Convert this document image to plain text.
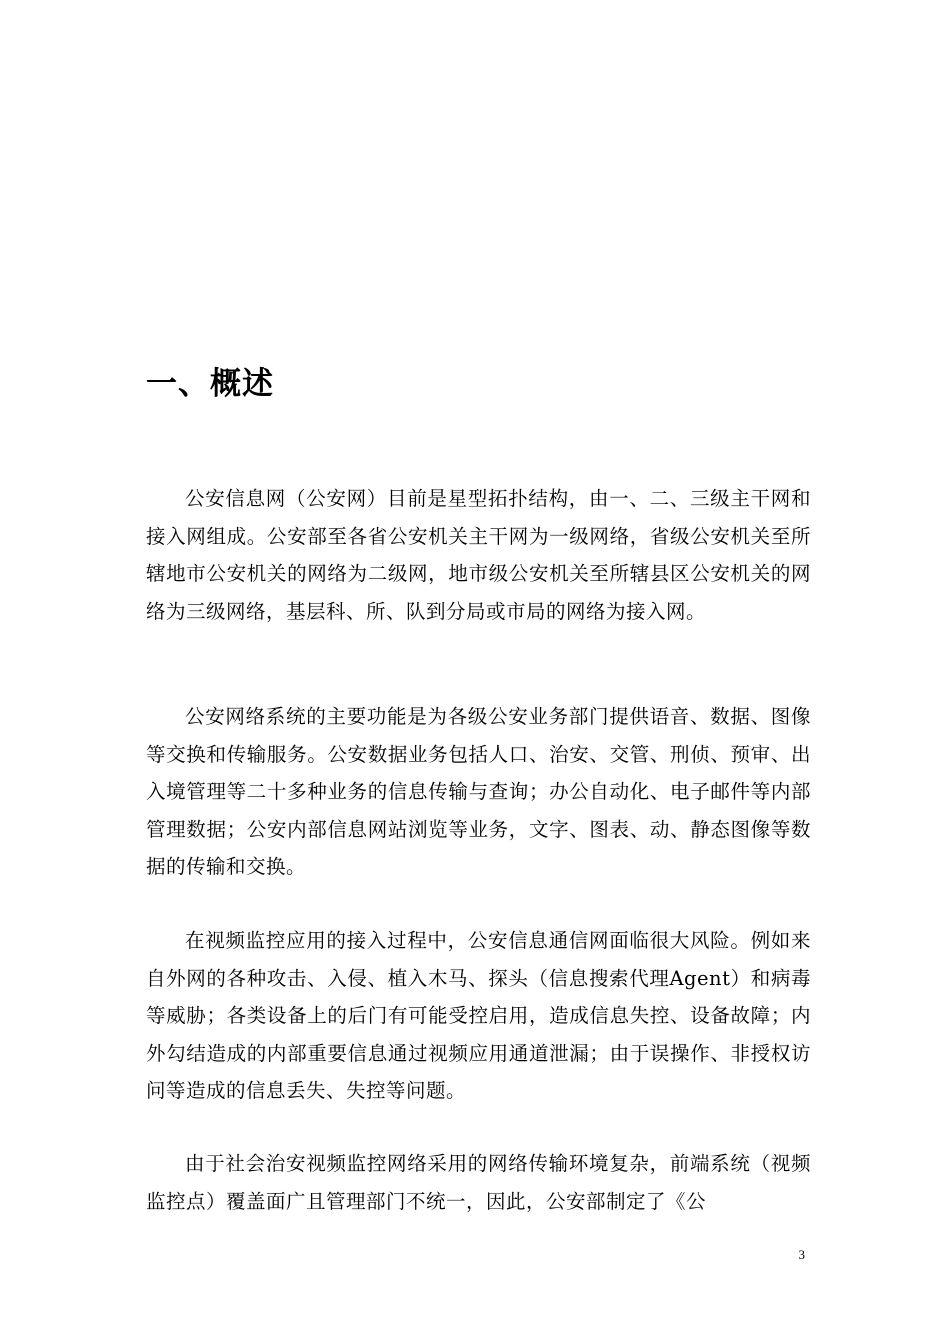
一、概述

公安信息网（公安网）目前是星型拓扑结构，由一、二、三级主干网和接入网组成。公安部至各省公安机关主干网为一级网络，省级公安机关至所辖地市公安机关的网络为二级网，地市级公安机关至所辖县区公安机关的网络为三级网络，基层科、所、队到分局或市局的网络为接入网。

公安网络系统的主要功能是为各级公安业务部门提供语音、数据、图像等交换和传输服务。公安数据业务包括人口、治安、交管、刑侦、预审、出入境管理等二十多种业务的信息传输与查询；办公自动化、电子邮件等内部管理数据；公安内部信息网站浏览等业务，文字、图表、动、静态图像等数据的传输和交换。

在视频监控应用的接入过程中，公安信息通信网面临很大风险。例如来自外网的各种攻击、入侵、植入木马、探头（信息搜索代理Agent）和病毒等威胁；各类设备上的后门有可能受控启用，造成信息失控、设备故障；内外勾结造成的内部重要信息通过视频应用通道泄漏；由于误操作、非授权访问等造成的信息丢失、失控等问题。

由于社会治安视频监控网络采用的网络传输环境复杂，前端系统（视频监控点）覆盖面广且管理部门不统一，因此，公安部制定了《公

3
